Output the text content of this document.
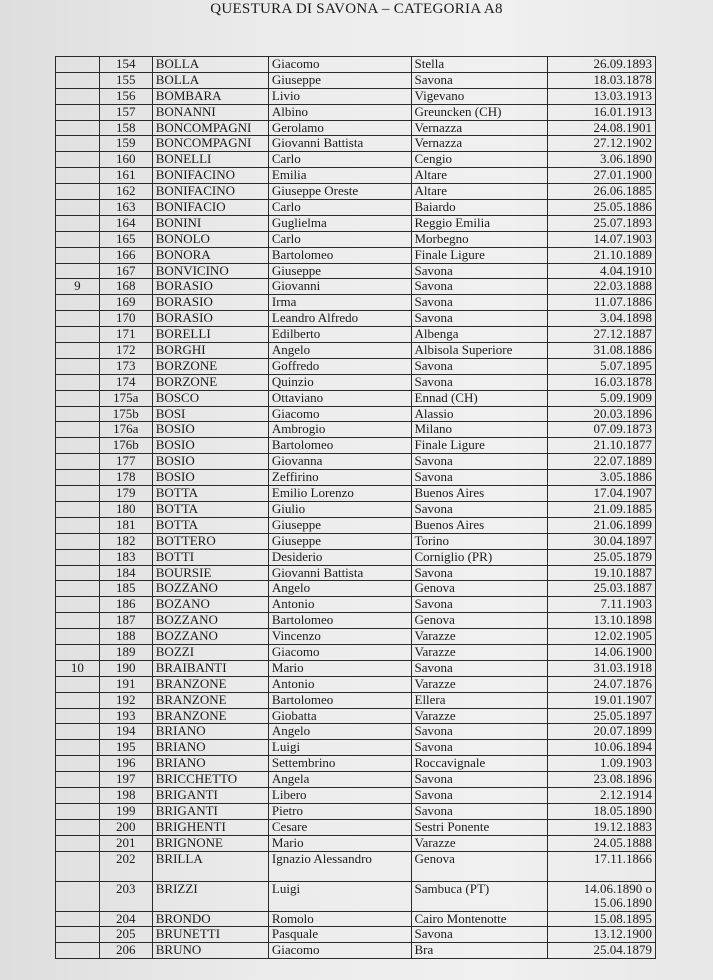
QUESTURA DI SAVONA – CATEGORIA A8
	154	BOLLA	Giacomo	Stella	26.09.1893
	155	BOLLA	Giuseppe	Savona	18.03.1878
	156	BOMBARA	Livio	Vigevano	13.03.1913
	157	BONANNI	Albino	Greuncken (CH)	16.01.1913
	158	BONCOMPAGNI	Gerolamo	Vernazza	24.08.1901
	159	BONCOMPAGNI	Giovanni Battista	Vernazza	27.12.1902
	160	BONELLI	Carlo	Cengio	3.06.1890
	161	BONIFACINO	Emilia	Altare	27.01.1900
	162	BONIFACINO	Giuseppe Oreste	Altare	26.06.1885
	163	BONIFACIO	Carlo	Baiardo	25.05.1886
	164	BONINI	Guglielma	Reggio Emilia	25.07.1893
	165	BONOLO	Carlo	Morbegno	14.07.1903
	166	BONORA	Bartolomeo	Finale Ligure	21.10.1889
	167	BONVICINO	Giuseppe	Savona	4.04.1910
9	168	BORASIO	Giovanni	Savona	22.03.1888
	169	BORASIO	Irma	Savona	11.07.1886
	170	BORASIO	Leandro Alfredo	Savona	3.04.1898
	171	BORELLI	Edilberto	Albenga	27.12.1887
	172	BORGHI	Angelo	Albisola Superiore	31.08.1886
	173	BORZONE	Goffredo	Savona	5.07.1895
	174	BORZONE	Quinzio	Savona	16.03.1878
	175a	BOSCO	Ottaviano	Ennad (CH)	5.09.1909
	175b	BOSI	Giacomo	Alassio	20.03.1896
	176a	BOSIO	Ambrogio	Milano	07.09.1873
	176b	BOSIO	Bartolomeo	Finale Ligure	21.10.1877
	177	BOSIO	Giovanna	Savona	22.07.1889
	178	BOSIO	Zeffirino	Savona	3.05.1886
	179	BOTTA	Emilio Lorenzo	Buenos Aires	17.04.1907
	180	BOTTA	Giulio	Savona	21.09.1885
	181	BOTTA	Giuseppe	Buenos Aires	21.06.1899
	182	BOTTERO	Giuseppe	Torino	30.04.1897
	183	BOTTI	Desiderio	Corniglio (PR)	25.05.1879
	184	BOURSIE	Giovanni Battista	Savona	19.10.1887
	185	BOZZANO	Angelo	Genova	25.03.1887
	186	BOZANO	Antonio	Savona	7.11.1903
	187	BOZZANO	Bartolomeo	Genova	13.10.1898
	188	BOZZANO	Vincenzo	Varazze	12.02.1905
	189	BOZZI	Giacomo	Varazze	14.06.1900
10	190	BRAIBANTI	Mario	Savona	31.03.1918
	191	BRANZONE	Antonio	Varazze	24.07.1876
	192	BRANZONE	Bartolomeo	Ellera	19.01.1907
	193	BRANZONE	Giobatta	Varazze	25.05.1897
	194	BRIANO	Angelo	Savona	20.07.1899
	195	BRIANO	Luigi	Savona	10.06.1894
	196	BRIANO	Settembrino	Roccavignale	1.09.1903
	197	BRICCHETTO	Angela	Savona	23.08.1896
	198	BRIGANTI	Libero	Savona	2.12.1914
	199	BRIGANTI	Pietro	Savona	18.05.1890
	200	BRIGHENTI	Cesare	Sestri Ponente	19.12.1883
	201	BRIGNONE	Mario	Varazze	24.05.1888
	202	BRILLA	Ignazio Alessandro	Genova	17.11.1866
	203	BRIZZI	Luigi	Sambuca (PT)	14.06.1890 o 15.06.1890
	204	BRONDO	Romolo	Cairo Montenotte	15.08.1895
	205	BRUNETTI	Pasquale	Savona	13.12.1900
	206	BRUNO	Giacomo	Bra	25.04.1879
